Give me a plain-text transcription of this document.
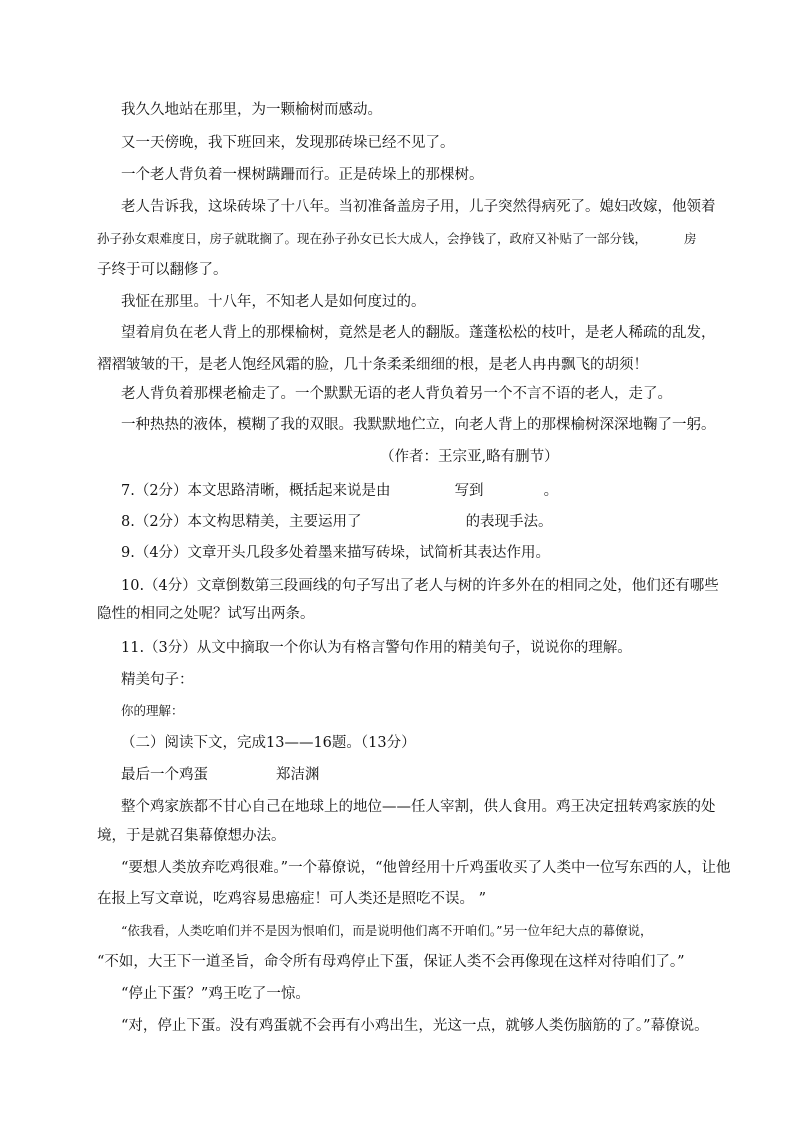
我久久地站在那里，为一颗榆树而感动。
又一天傍晚，我下班回来，发现那砖垛已经不见了。
一个老人背负着一棵树蹒跚而行。正是砖垛上的那棵树。
老人告诉我，这垛砖垛了十八年。当初准备盖房子用，儿子突然得病死了。媳妇改嫁，他领着
孙子孙女艰难度日，房子就耽搁了。现在孙子孙女已长大成人，会挣钱了，政府又补贴了一部分钱，	房
子终于可以翻修了。
我怔在那里。十八年，不知老人是如何度过的。
望着肩负在老人背上的那棵榆树，竟然是老人的翻版。蓬蓬松松的枝叶，是老人稀疏的乱发，
褶褶皱皱的干，是老人饱经风霜的脸，几十条柔柔细细的根，是老人冉冉飘飞的胡须！
老人背负着那棵老榆走了。一个默默无语的老人背负着另一个不言不语的老人，走了。
一种热热的液体，模糊了我的双眼。我默默地伫立，向老人背上的那棵榆树深深地鞠了一躬。
（作者：王宗亚,略有删节）
7.（2分）本文思路清晰，概括起来说是由	写到	。
8.（2分）本文构思精美，主要运用了	的表现手法。
9.（4分）文章开头几段多处着墨来描写砖垛，试简析其表达作用。
10.（4分）文章倒数第三段画线的句子写出了老人与树的许多外在的相同之处，他们还有哪些
隐性的相同之处呢？试写出两条。
11.（3分）从文中摘取一个你认为有格言警句作用的精美句子，说说你的理解。
精美句子：
你的理解：
（二）阅读下文，完成13——16题。（13分）
最后一个鸡蛋	郑洁渊
整个鸡家族都不甘心自己在地球上的地位——任人宰割，供人食用。鸡王决定扭转鸡家族的处
境，于是就召集幕僚想办法。
“要想人类放弃吃鸡很难。”一个幕僚说，“他曾经用十斤鸡蛋收买了人类中一位写东西的人，让他
在报上写文章说，吃鸡容易患癌症！可人类还是照吃不误。 ”
“依我看，人类吃咱们并不是因为恨咱们，而是说明他们离不开咱们。”另一位年纪大点的幕僚说，
“不如，大王下一道圣旨，命令所有母鸡停止下蛋，保证人类不会再像现在这样对待咱们了。”
“停止下蛋？”鸡王吃了一惊。
“对，停止下蛋。没有鸡蛋就不会再有小鸡出生，光这一点，就够人类伤脑筋的了。”幕僚说。
